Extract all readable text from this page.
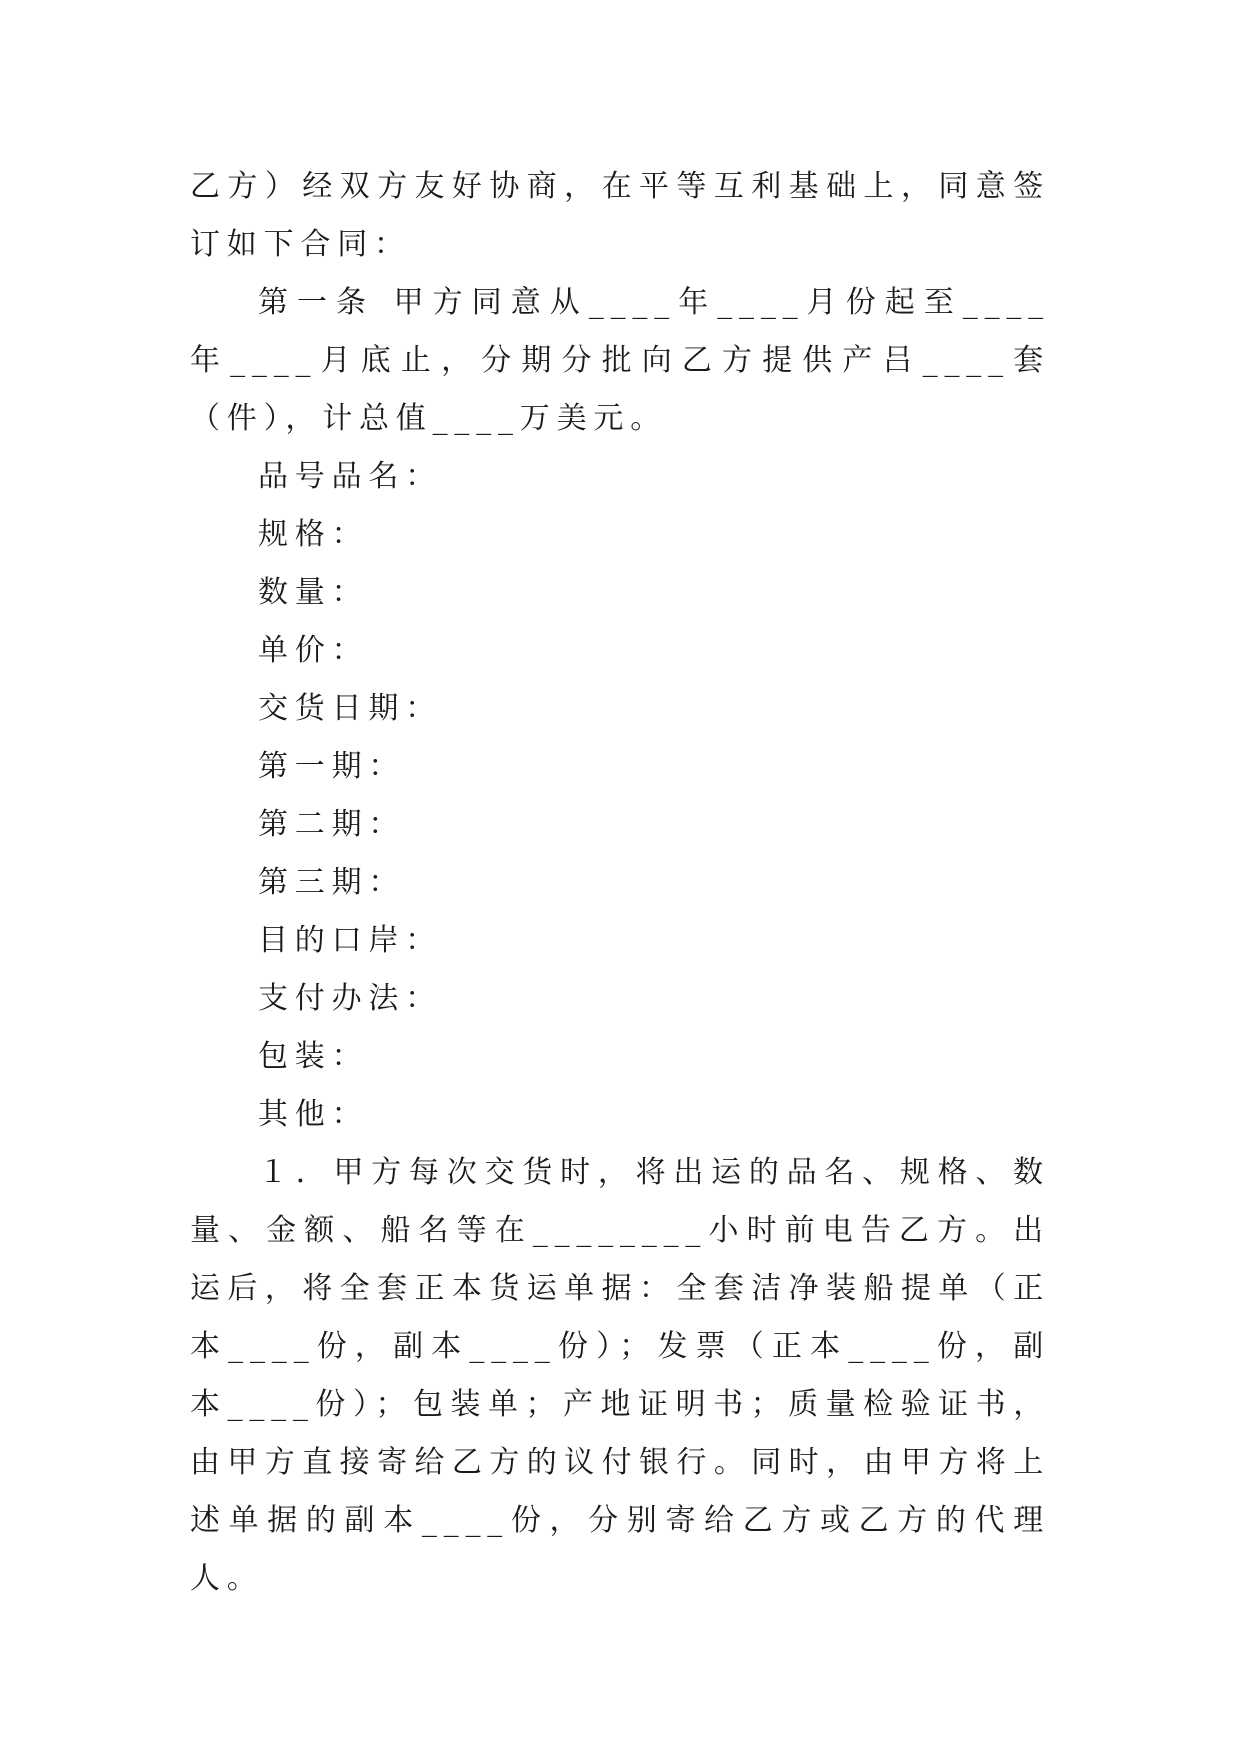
乙方）经双方友好协商，在平等互利基础上，同意签订如下合同：

第一条 甲方同意从____年____月份起至____年____月底止，分期分批向乙方提供产吕____套（件），计总值____万美元。

品号品名：

规格：

数量：

单价：

交货日期：

第一期：

第二期：

第三期：

目的口岸：

支付办法：

包装：

其他：

１．甲方每次交货时，将出运的品名、规格、数量、金额、船名等在________小时前电告乙方。出运后，将全套正本货运单据：全套洁净装船提单（正本____份，副本____份）；发票（正本____份，副本____份）；包装单；产地证明书；质量检验证书，由甲方直接寄给乙方的议付银行。同时，由甲方将上述单据的副本____份，分别寄给乙方或乙方的代理人。
